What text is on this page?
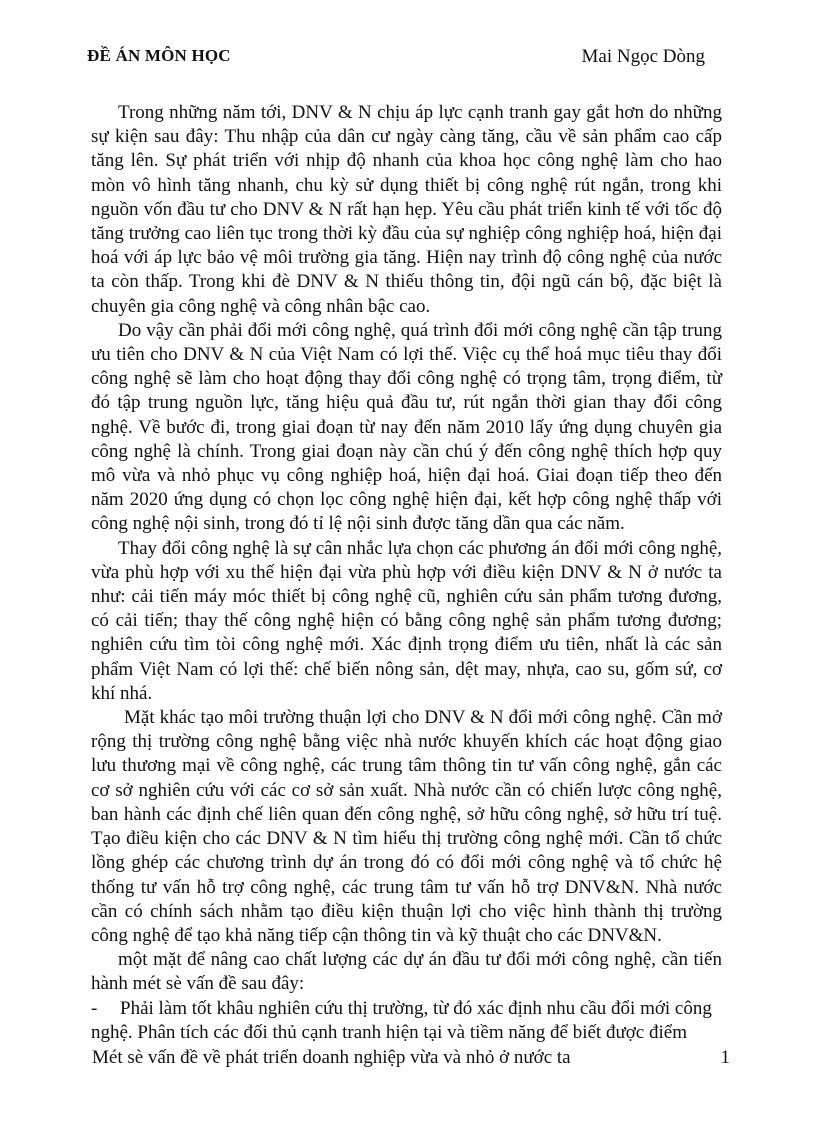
ĐỀ ÁN MÔN HỌC	Mai Ngọc Dòng

Trong những năm tới, DNV & N chịu áp lực cạnh tranh gay gắt hơn do những sự kiện sau đây: Thu nhập của dân cư ngày càng tăng, cầu về sản phẩm cao cấp tăng lên. Sự phát triển với nhịp độ nhanh của khoa học công nghệ làm cho hao mòn vô hình tăng nhanh, chu kỳ sử dụng thiết bị công nghệ rút ngắn, trong khi nguồn vốn đầu tư cho DNV & N rất hạn hẹp. Yêu cầu phát triển kinh tế với tốc độ tăng trưởng cao liên tục trong thời kỳ đầu của sự nghiệp công nghiệp hoá, hiện đại hoá với áp lực bảo vệ môi trường gia tăng. Hiện nay trình độ công nghệ của nước ta còn thấp. Trong khi đè DNV & N thiếu thông tin, đội ngũ cán bộ, đặc biệt là chuyên gia công nghệ và công nhân bậc cao.

Do vậy cần phải đổi mới công nghệ, quá trình đổi mới công nghệ cần tập trung ưu tiên cho DNV & N của Việt Nam có lợi thế. Việc cụ thể hoá mục tiêu thay đổi công nghệ sẽ làm cho hoạt động thay đổi công nghệ có trọng tâm, trọng điểm, từ đó tập trung nguồn lực, tăng hiệu quả đầu tư, rút ngắn thời gian thay đổi công nghệ. Về bước đi, trong giai đoạn từ nay đến năm 2010 lấy ứng dụng chuyên gia công nghệ là chính. Trong giai đoạn này cần chú ý đến công nghệ thích hợp quy mô vừa và nhỏ phục vụ công nghiệp hoá, hiện đại hoá. Giai đoạn tiếp theo đến năm 2020 ứng dụng có chọn lọc công nghệ hiện đại, kết hợp công nghệ thấp với công nghệ nội sinh, trong đó tỉ lệ nội sinh được tăng dần qua các năm.

Thay đổi công nghệ là sự cân nhắc lựa chọn các phương án đổi mới công nghệ, vừa phù hợp với xu thế hiện đại vừa phù hợp với điều kiện DNV & N ở nước ta như: cải tiến máy móc thiết bị công nghệ cũ, nghiên cứu sản phẩm tương đương, có cải tiến; thay thế công nghệ hiện có bằng công nghệ sản phẩm tương đương; nghiên cứu tìm tòi công nghệ mới. Xác định trọng điểm ưu tiên, nhất là các sản phẩm Việt Nam có lợi thế: chế biến nông sản, dệt may, nhựa, cao su, gốm sứ, cơ khí nhá.

Mặt khác tạo môi trường thuận lợi cho DNV & N đổi mới công nghệ. Cần mở rộng thị trường công nghệ bằng việc nhà nước khuyến khích các hoạt động giao lưu thương mại về công nghệ, các trung tâm thông tin tư vấn công nghệ, gắn các cơ sở nghiên cứu với các cơ sở sản xuất. Nhà nước cần có chiến lược công nghệ, ban hành các định chế liên quan đến công nghệ, sở hữu công nghệ, sở hữu trí tuệ. Tạo điều kiện cho các DNV & N tìm hiểu thị trường công nghệ mới. Cần tổ chức lồng ghép các chương trình dự án trong đó có đổi mới công nghệ và tổ chức hệ thống tư vấn hỗ trợ công nghệ, các trung tâm tư vấn hỗ trợ DNV&N. Nhà nước cần có chính sách nhằm tạo điều kiện thuận lợi cho việc hình thành thị trường công nghệ để tạo khả năng tiếp cận thông tin và kỹ thuật cho các DNV&N.

một mặt để nâng cao chất lượng các dự án đầu tư đổi mới công nghệ, cần tiến hành mét sè vấn đề sau đây:

-	Phải làm tốt khâu nghiên cứu thị trường, từ đó xác định nhu cầu đổi mới công

nghệ. Phân tích các đối thủ cạnh tranh hiện tại và tiềm năng để biết được điểm

Mét sè vấn đề về phát triển doanh nghiệp vừa và nhỏ ở nước ta	1
